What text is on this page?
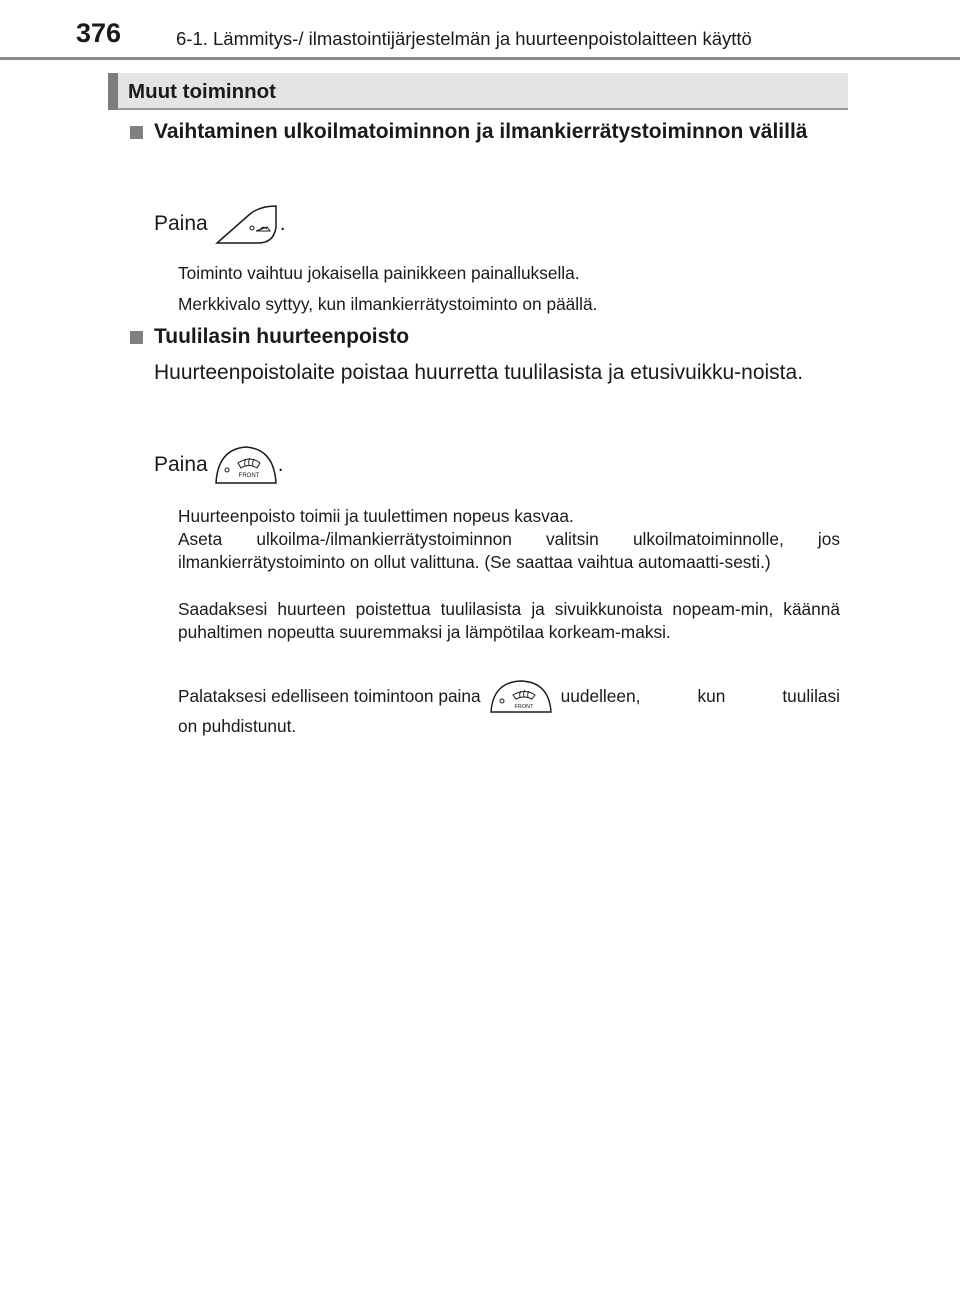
376	6-1. Lämmitys-/ ilmastointijärjestelmän ja huurteenpoistolaitteen käyttö
Muut toiminnot
Vaihtaminen ulkoilmatoiminnon ja ilmankierrätystoiminnon välillä
Paina	.
Toiminto vaihtuu jokaisella painikkeen painalluksella.
Merkkivalo syttyy, kun ilmankierrätystoiminto on päällä.
Tuulilasin huurteenpoisto
Huurteenpoistolaite poistaa huurretta tuulilasista ja etusivuikku-noista.
Paina	FRONT .
Huurteenpoisto toimii ja tuulettimen nopeus kasvaa.
Aseta ulkoilma-/ilmankierrätystoiminnon valitsin ulkoilmatoiminnolle, jos ilmankierrätystoiminto on ollut valittuna. (Se saattaa vaihtua automaatti-sesti.)
Saadaksesi huurteen poistettua tuulilasista ja sivuikkunoista nopeam-min, käännä puhaltimen nopeutta suuremmaksi ja lämpötilaa korkeam-maksi.
Palataksesi edelliseen toimintoon paina
FRONT
uudelleen, kun tuulilasi
on puhdistunut.
